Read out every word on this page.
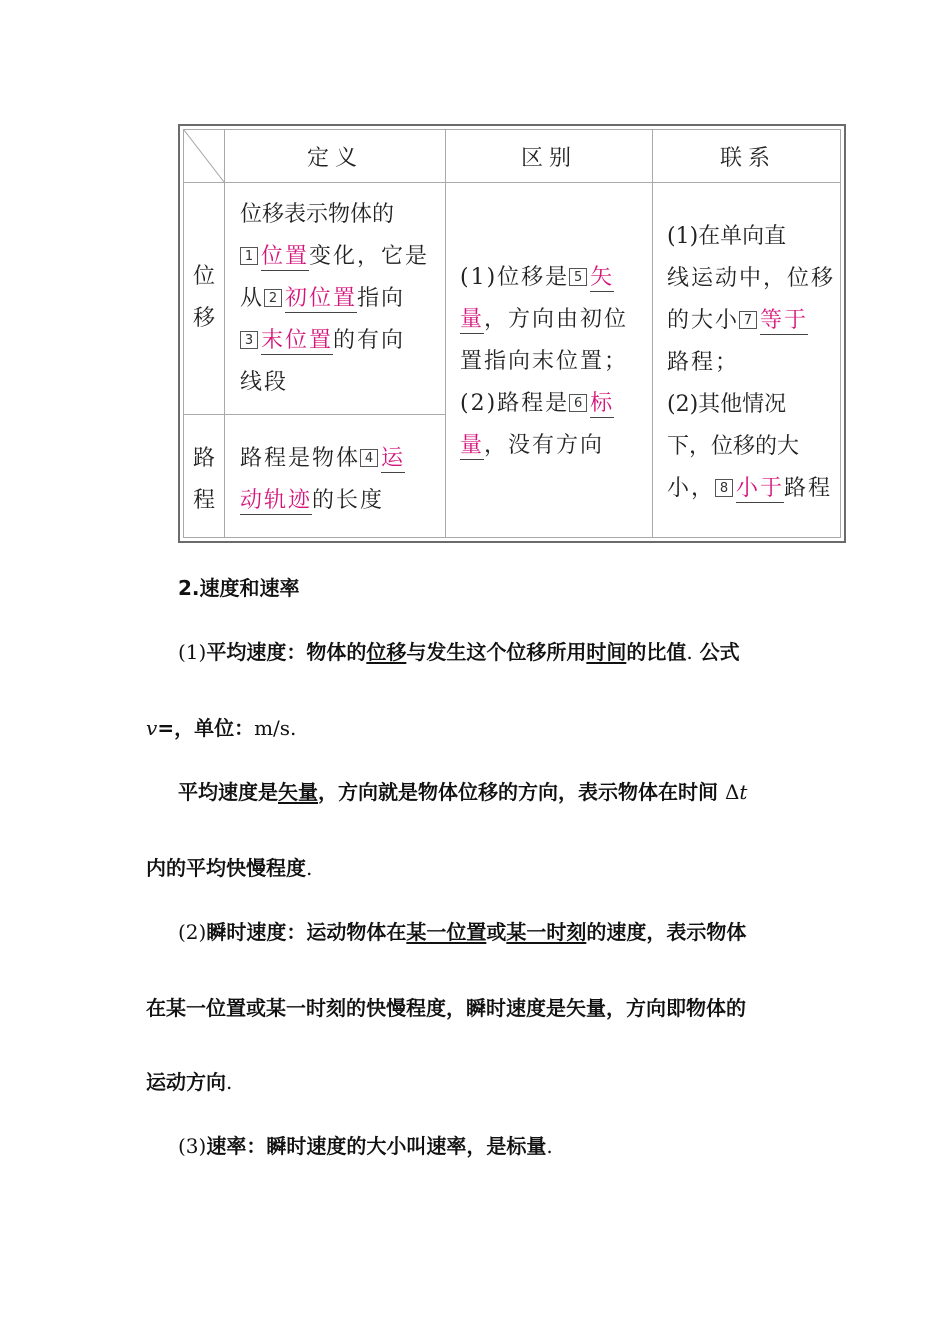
定义	区别	联系
位
移
路
程
位移表示物体的
1 位置变化，它是
从 2 初位置指向
3 末位置的有向
线段
路程是物体 4 运
动轨迹的长度
(1)位移是 5 矢
量，方向由初位
置指向末位置；
(2)路程是 6 标
量，没有方向
(1)在单向直
线运动中，位移
的大小 7 等于
路程；
(2)其他情况
下，位移的大
小， 8 小于路程
2.速度和速率
(1)平均速度：物体的位移与发生这个位移所用时间的比值. 公式
v=，单位：m/s.
平均速度是矢量，方向就是物体位移的方向，表示物体在时间 Δt
内的平均快慢程度.
(2)瞬时速度：运动物体在某一位置或某一时刻的速度，表示物体
在某一位置或某一时刻的快慢程度，瞬时速度是矢量，方向即物体的
运动方向.
(3)速率：瞬时速度的大小叫速率，是标量.
